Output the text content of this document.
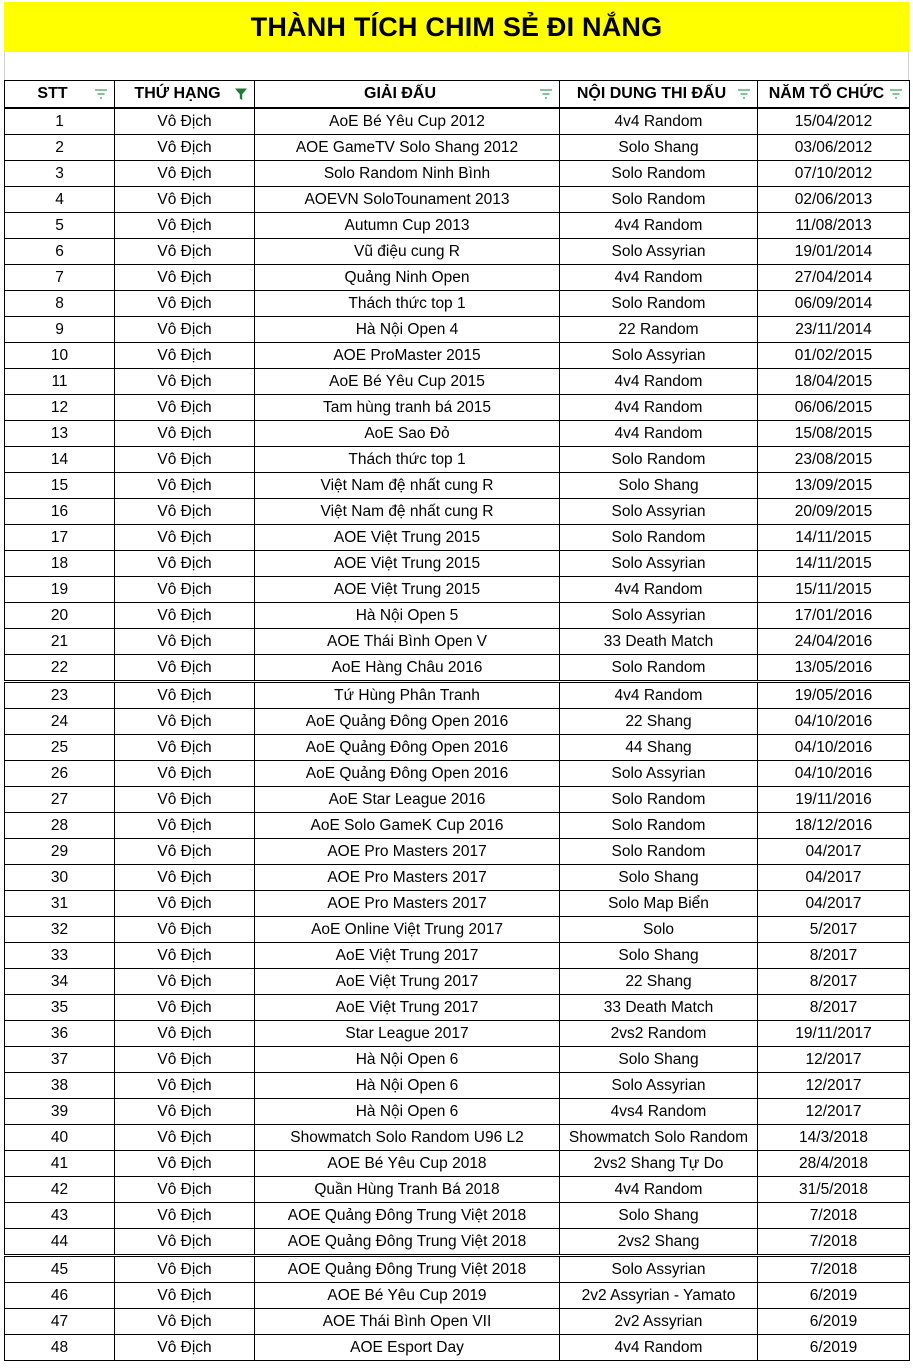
THÀNH TÍCH CHIM SẺ ĐI NẮNG
STT	THỨ HẠNG	GIẢI ĐẤU	NỘI DUNG THI ĐẤU	NĂM TỔ CHỨC

1	Vô Địch	AoE Bé Yêu Cup 2012	4v4 Random	15/04/2012
2	Vô Địch	AOE GameTV Solo Shang 2012	Solo Shang	03/06/2012
3	Vô Địch	Solo Random Ninh Bình	Solo Random	07/10/2012
4	Vô Địch	AOEVN SoloTounament 2013	Solo Random	02/06/2013
5	Vô Địch	Autumn Cup 2013	4v4 Random	11/08/2013
6	Vô Địch	Vũ điệu cung R	Solo Assyrian	19/01/2014
7	Vô Địch	Quảng Ninh Open	4v4 Random	27/04/2014
8	Vô Địch	Thách thức top 1	Solo Random	06/09/2014
9	Vô Địch	Hà Nội Open 4	22 Random	23/11/2014
10	Vô Địch	AOE ProMaster 2015	Solo Assyrian	01/02/2015
11	Vô Địch	AoE Bé Yêu Cup 2015	4v4 Random	18/04/2015
12	Vô Địch	Tam hùng tranh bá 2015	4v4 Random	06/06/2015
13	Vô Địch	AoE Sao Đỏ	4v4 Random	15/08/2015
14	Vô Địch	Thách thức top 1	Solo Random	23/08/2015
15	Vô Địch	Việt Nam đệ nhất cung R	Solo Shang	13/09/2015
16	Vô Địch	Việt Nam đệ nhất cung R	Solo Assyrian	20/09/2015
17	Vô Địch	AOE Việt Trung 2015	Solo Random	14/11/2015
18	Vô Địch	AOE Việt Trung 2015	Solo Assyrian	14/11/2015
19	Vô Địch	AOE Việt Trung 2015	4v4 Random	15/11/2015
20	Vô Địch	Hà Nội Open 5	Solo Assyrian	17/01/2016
21	Vô Địch	AOE Thái Bình Open V	33 Death Match	24/04/2016
22	Vô Địch	AoE Hàng Châu 2016	Solo Random	13/05/2016
23	Vô Địch	Tứ Hùng Phân Tranh	4v4 Random	19/05/2016
24	Vô Địch	AoE Quảng Đông Open 2016	22 Shang	04/10/2016
25	Vô Địch	AoE Quảng Đông Open 2016	44 Shang	04/10/2016
26	Vô Địch	AoE Quảng Đông Open 2016	Solo Assyrian	04/10/2016
27	Vô Địch	AoE Star League 2016	Solo Random	19/11/2016
28	Vô Địch	AoE Solo GameK Cup 2016	Solo Random	18/12/2016
29	Vô Địch	AOE Pro Masters 2017	Solo Random	04/2017
30	Vô Địch	AOE Pro Masters 2017	Solo Shang	04/2017
31	Vô Địch	AOE Pro Masters 2017	Solo Map Biển	04/2017
32	Vô Địch	AoE Online Việt Trung 2017	Solo	5/2017
33	Vô Địch	AoE Việt Trung 2017	Solo Shang	8/2017
34	Vô Địch	AoE Việt Trung 2017	22 Shang	8/2017
35	Vô Địch	AoE Việt Trung 2017	33 Death Match	8/2017
36	Vô Địch	Star League 2017	2vs2 Random	19/11/2017
37	Vô Địch	Hà Nội Open 6	Solo Shang	12/2017
38	Vô Địch	Hà Nội Open 6	Solo Assyrian	12/2017
39	Vô Địch	Hà Nội Open 6	4vs4 Random	12/2017
40	Vô Địch	Showmatch Solo Random U96 L2	Showmatch Solo Random	14/3/2018
41	Vô Địch	AOE Bé Yêu Cup 2018	2vs2 Shang Tự Do	28/4/2018
42	Vô Địch	Quần Hùng Tranh Bá 2018	4v4 Random	31/5/2018
43	Vô Địch	AOE Quảng Đông Trung Việt 2018	Solo Shang	7/2018
44	Vô Địch	AOE Quảng Đông Trung Việt 2018	2vs2 Shang	7/2018
45	Vô Địch	AOE Quảng Đông Trung Việt 2018	Solo Assyrian	7/2018
46	Vô Địch	AOE Bé Yêu Cup 2019	2v2 Assyrian - Yamato	6/2019
47	Vô Địch	AOE Thái Bình Open VII	2v2 Assyrian	6/2019
48	Vô Địch	AOE Esport Day	4v4 Random	6/2019
